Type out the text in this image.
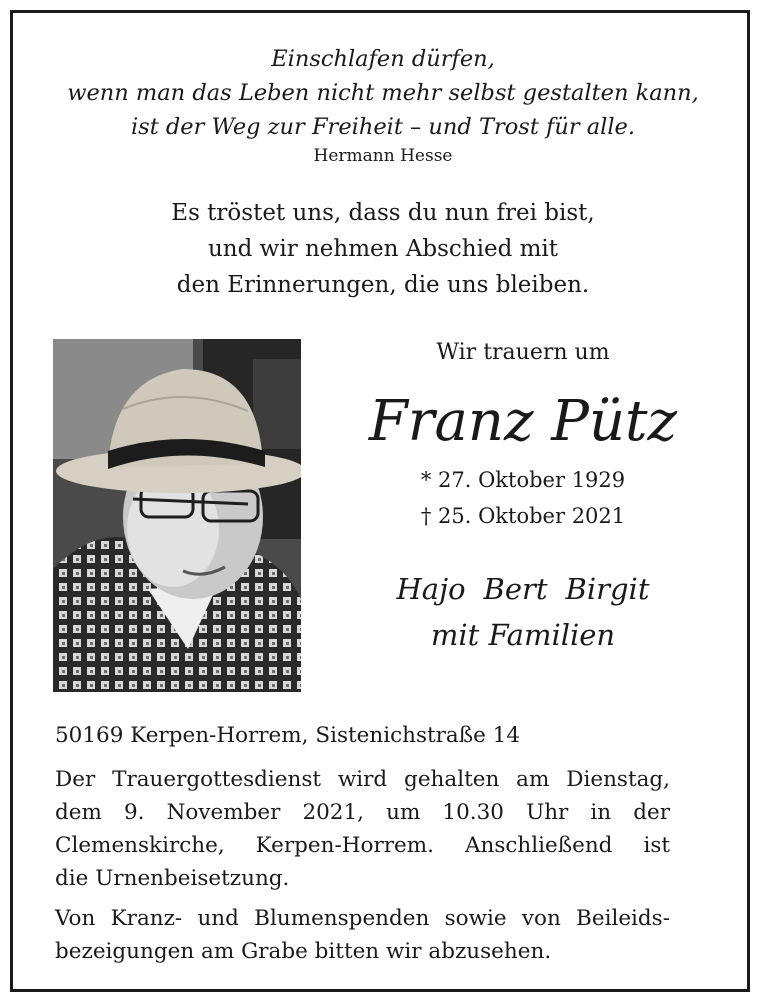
Einschlafen dürfen,
wenn man das Leben nicht mehr selbst gestalten kann,
ist der Weg zur Freiheit – und Trost für alle.
Hermann Hesse
Es tröstet uns, dass du nun frei bist,
und wir nehmen Abschied mit
den Erinnerungen, die uns bleiben.
Wir trauern um
Franz Pütz
* 27. Oktober 1929
† 25. Oktober 2021
Hajo Bert Birgit
mit Familien
50169 Kerpen-Horrem, Sistenichstraße 14
Der Trauergottesdienst wird gehalten am Dienstag,
dem 9. November 2021, um 10.30 Uhr in der
Clemenskirche, Kerpen-Horrem. Anschließend ist
die Urnenbeisetzung.
Von Kranz- und Blumenspenden sowie von Beileids-
bezeigungen am Grabe bitten wir abzusehen.
